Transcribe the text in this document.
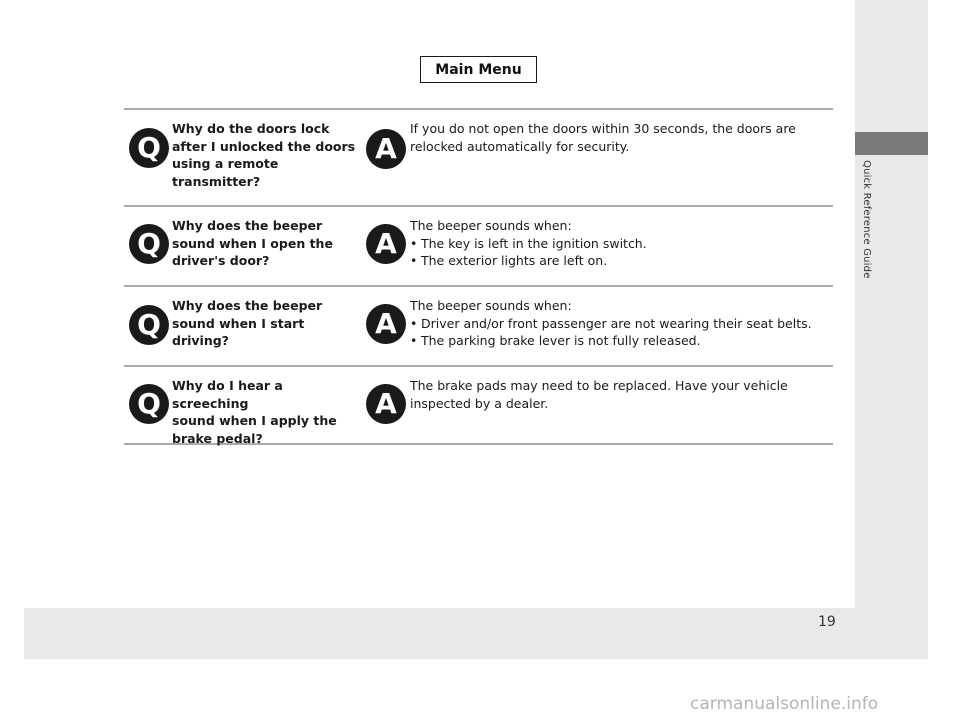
Quick Reference Guide
19
Main Menu
Q
Why do the doors lock
after I unlocked the doors
using a remote
transmitter?
A
If you do not open the doors within 30 seconds, the doors are
relocked automatically for security.
Q
Why does the beeper
sound when I open the
driver's door?
A
The beeper sounds when:
• The key is left in the ignition switch.
• The exterior lights are left on.
Q
Why does the beeper
sound when I start driving?
A
The beeper sounds when:
• Driver and/or front passenger are not wearing their seat belts.
• The parking brake lever is not fully released.
Q
Why do I hear a screeching
sound when I apply the
brake pedal?
A
The brake pads may need to be replaced. Have your vehicle
inspected by a dealer.
carmanualsonline.info
